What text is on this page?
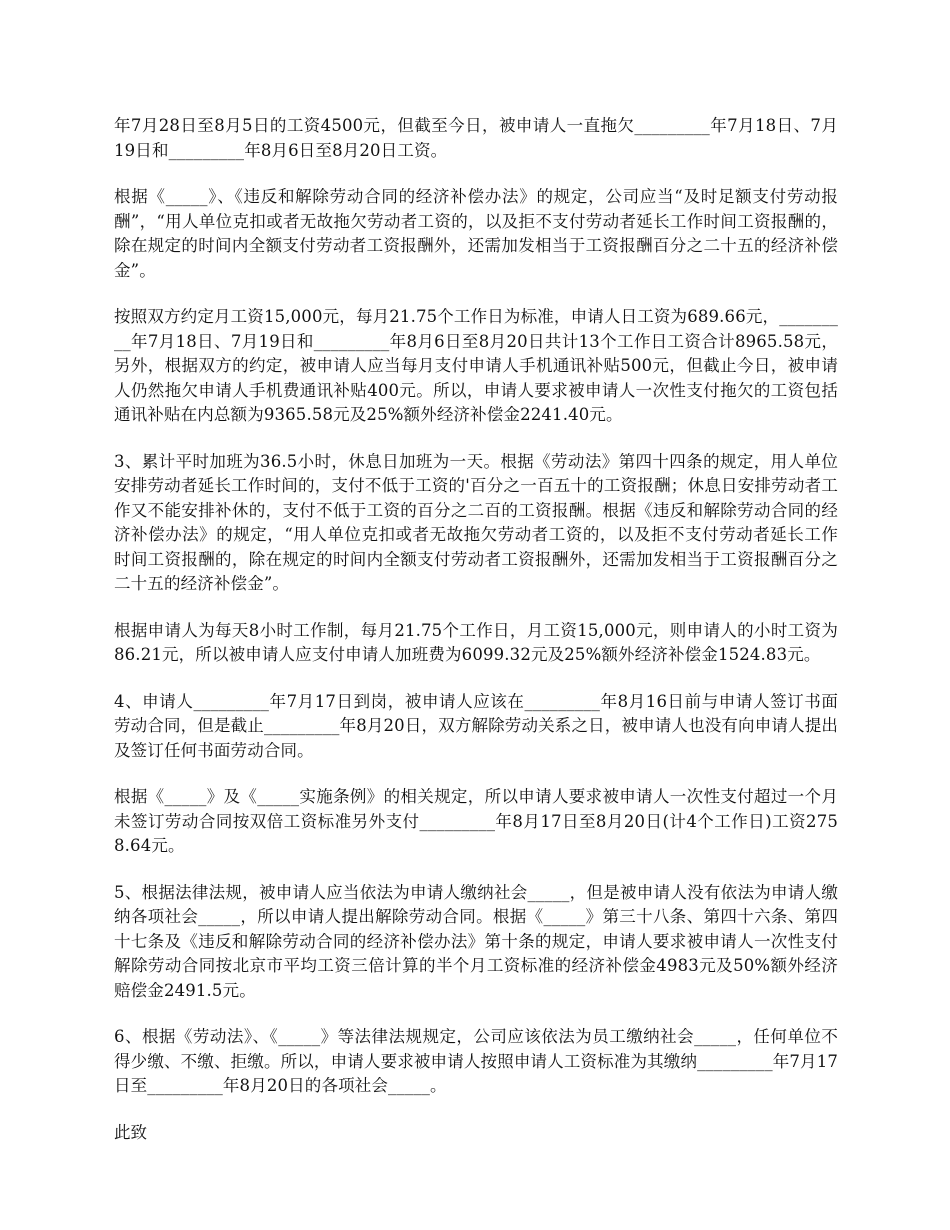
年7月28日至8月5日的工资4500元，但截至今日，被申请人一直拖欠_________年7月18日、7月19日和_________年8月6日至8月20日工资。

根据《_____》、《违反和解除劳动合同的经济补偿办法》的规定，公司应当“及时足额支付劳动报酬”，“用人单位克扣或者无故拖欠劳动者工资的，以及拒不支付劳动者延长工作时间工资报酬的，除在规定的时间内全额支付劳动者工资报酬外，还需加发相当于工资报酬百分之二十五的经济补偿金”。

按照双方约定月工资15,000元，每月21.75个工作日为标准，申请人日工资为689.66元，_________年7月18日、7月19日和_________年8月6日至8月20日共计13个工作日工资合计8965.58元，另外，根据双方的约定，被申请人应当每月支付申请人手机通讯补贴500元，但截止今日，被申请人仍然拖欠申请人手机费通讯补贴400元。所以，申请人要求被申请人一次性支付拖欠的工资包括通讯补贴在内总额为9365.58元及25%额外经济补偿金2241.40元。

3、累计平时加班为36.5小时，休息日加班为一天。根据《劳动法》第四十四条的规定，用人单位安排劳动者延长工作时间的，支付不低于工资的'百分之一百五十的工资报酬；休息日安排劳动者工作又不能安排补休的，支付不低于工资的百分之二百的工资报酬。根据《违反和解除劳动合同的经济补偿办法》的规定，“用人单位克扣或者无故拖欠劳动者工资的，以及拒不支付劳动者延长工作时间工资报酬的，除在规定的时间内全额支付劳动者工资报酬外，还需加发相当于工资报酬百分之二十五的经济补偿金”。

根据申请人为每天8小时工作制，每月21.75个工作日，月工资15,000元，则申请人的小时工资为86.21元，所以被申请人应支付申请人加班费为6099.32元及25%额外经济补偿金1524.83元。

4、申请人_________年7月17日到岗，被申请人应该在_________年8月16日前与申请人签订书面劳动合同，但是截止_________年8月20日，双方解除劳动关系之日，被申请人也没有向申请人提出及签订任何书面劳动合同。

根据《_____》及《_____实施条例》的相关规定，所以申请人要求被申请人一次性支付超过一个月未签订劳动合同按双倍工资标准另外支付_________年8月17日至8月20日(计4个工作日)工资2758.64元。

5、根据法律法规，被申请人应当依法为申请人缴纳社会_____，但是被申请人没有依法为申请人缴纳各项社会_____，所以申请人提出解除劳动合同。根据《_____》第三十八条、第四十六条、第四十七条及《违反和解除劳动合同的经济补偿办法》第十条的规定，申请人要求被申请人一次性支付解除劳动合同按北京市平均工资三倍计算的半个月工资标准的经济补偿金4983元及50%额外经济赔偿金2491.5元。

6、根据《劳动法》、《_____》等法律法规规定，公司应该依法为员工缴纳社会_____，任何单位不得少缴、不缴、拒缴。所以，申请人要求被申请人按照申请人工资标准为其缴纳_________年7月17日至_________年8月20日的各项社会_____。

此致
